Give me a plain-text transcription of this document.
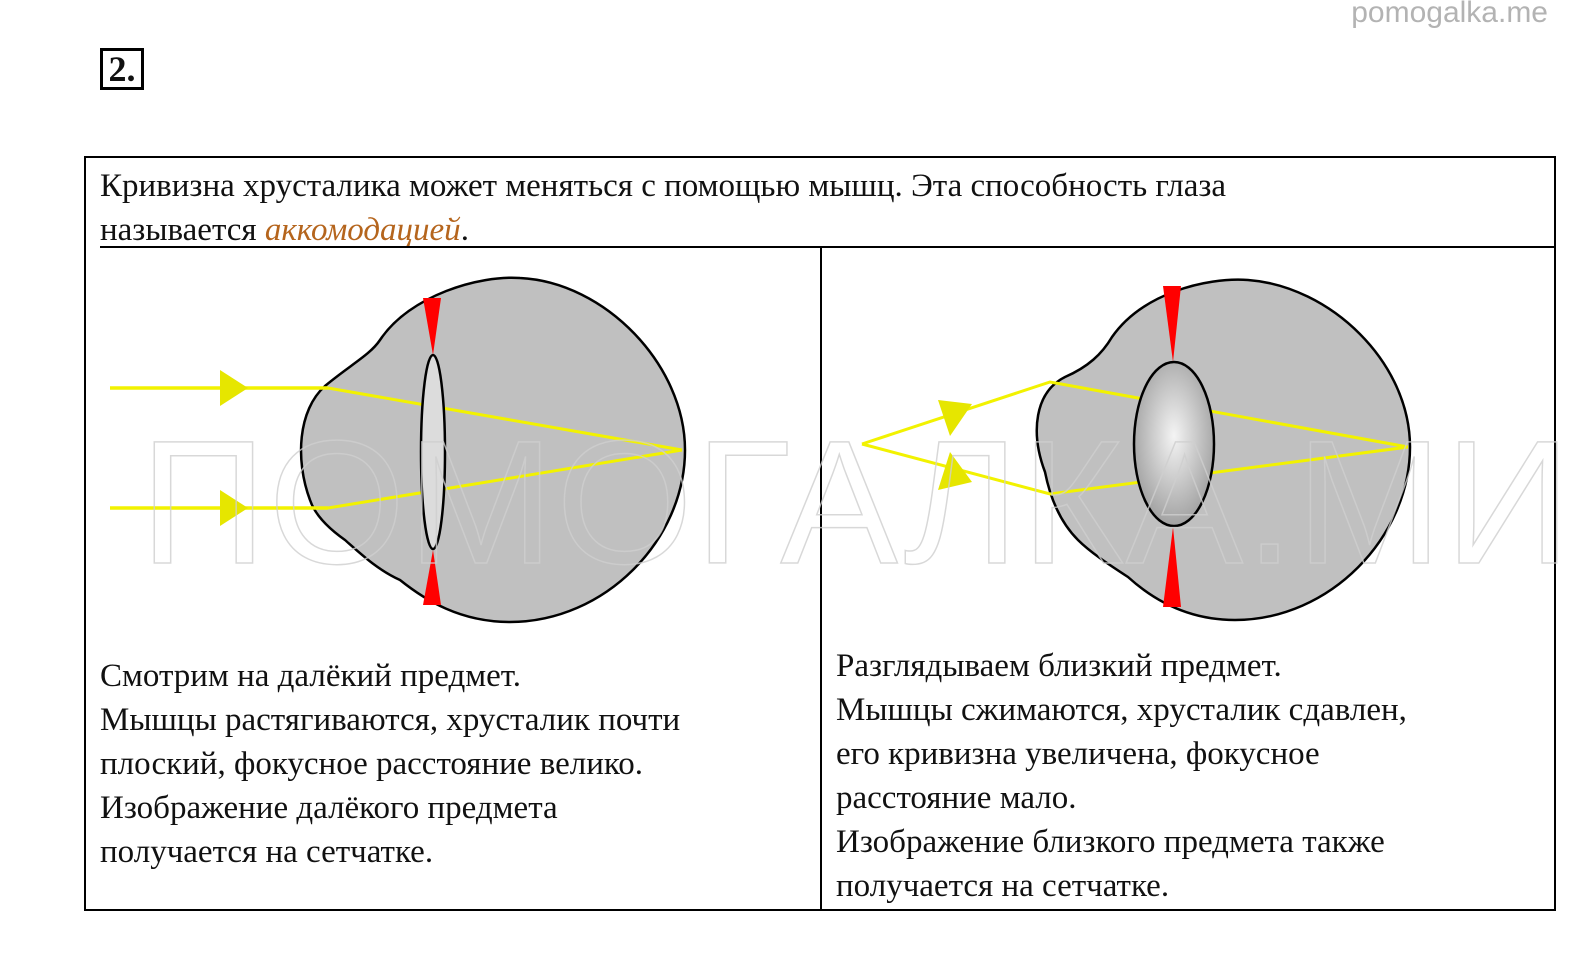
pomogalka.me
2.
Кривизна хрусталика может меняться с помощью мышц. Эта способность глаза
называется аккомодацией.
Смотрим на далёкий предмет.
Мышцы растягиваются, хрусталик почти
плоский, фокусное расстояние велико.
Изображение далёкого предмета
получается на сетчатке.
Разглядываем близкий предмет.
Мышцы сжимаются, хрусталик сдавлен,
его кривизна увеличена, фокусное
расстояние мало.
Изображение близкого предмета также
получается на сетчатке.
ПОМОГАЛКА.МИ
